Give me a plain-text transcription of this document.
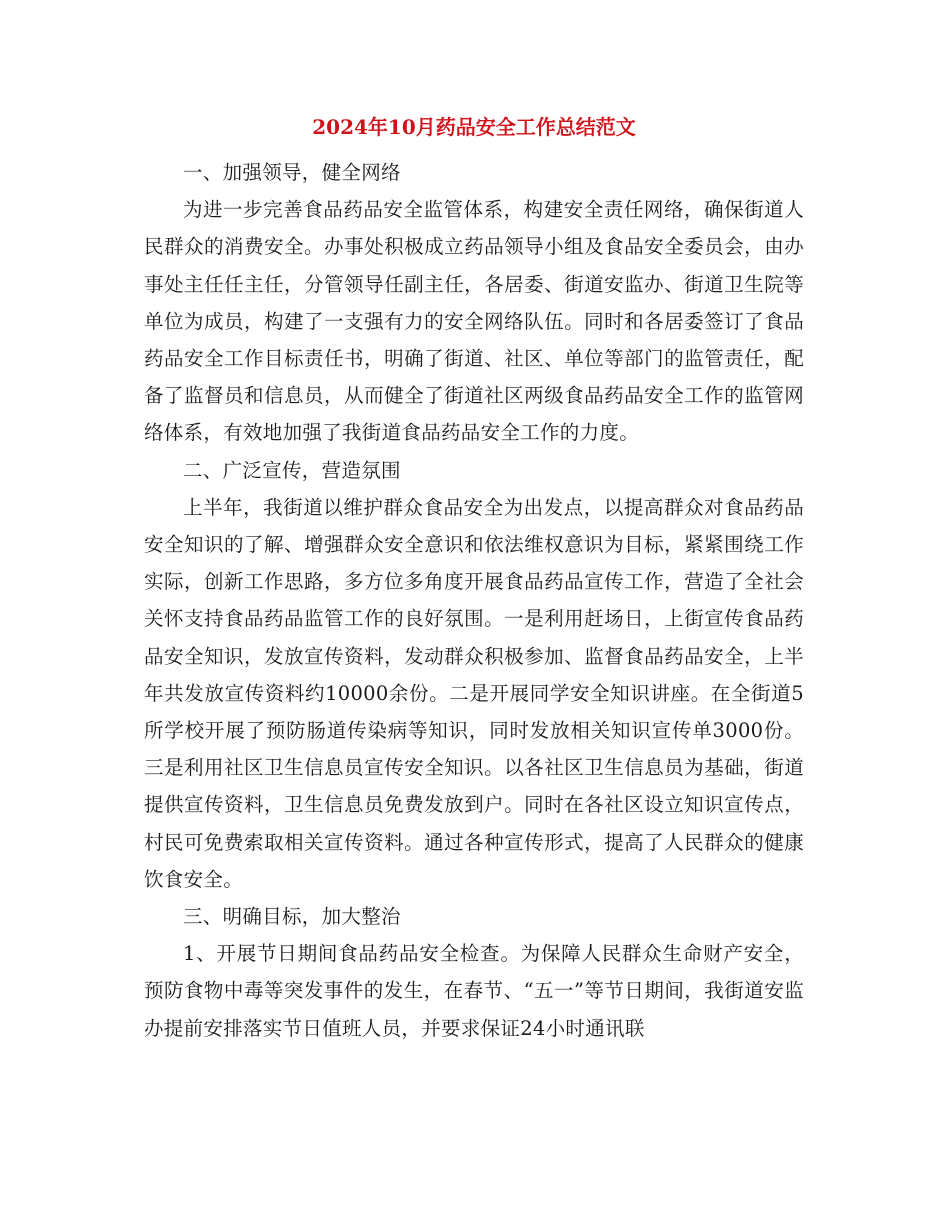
2024年10月药品安全工作总结范文

一、加强领导，健全网络

为进一步完善食品药品安全监管体系，构建安全责任网络，确保街道人民群众的消费安全。办事处积极成立药品领导小组及食品安全委员会，由办事处主任任主任，分管领导任副主任，各居委、街道安监办、街道卫生院等单位为成员，构建了一支强有力的安全网络队伍。同时和各居委签订了食品药品安全工作目标责任书，明确了街道、社区、单位等部门的监管责任，配备了监督员和信息员，从而健全了街道社区两级食品药品安全工作的监管网络体系，有效地加强了我街道食品药品安全工作的力度。

二、广泛宣传，营造氛围

上半年，我街道以维护群众食品安全为出发点，以提高群众对食品药品安全知识的了解、增强群众安全意识和依法维权意识为目标，紧紧围绕工作实际，创新工作思路，多方位多角度开展食品药品宣传工作，营造了全社会关怀支持食品药品监管工作的良好氛围。一是利用赶场日，上街宣传食品药品安全知识，发放宣传资料，发动群众积极参加、监督食品药品安全，上半年共发放宣传资料约10000余份。二是开展同学安全知识讲座。在全街道5所学校开展了预防肠道传染病等知识，同时发放相关知识宣传单3000份。三是利用社区卫生信息员宣传安全知识。以各社区卫生信息员为基础，街道提供宣传资料，卫生信息员免费发放到户。同时在各社区设立知识宣传点，村民可免费索取相关宣传资料。通过各种宣传形式，提高了人民群众的健康饮食安全。

三、明确目标，加大整治

1、开展节日期间食品药品安全检查。为保障人民群众生命财产安全，预防食物中毒等突发事件的发生，在春节、“五一”等节日期间，我街道安监办提前安排落实节日值班人员，并要求保证24小时通讯联
